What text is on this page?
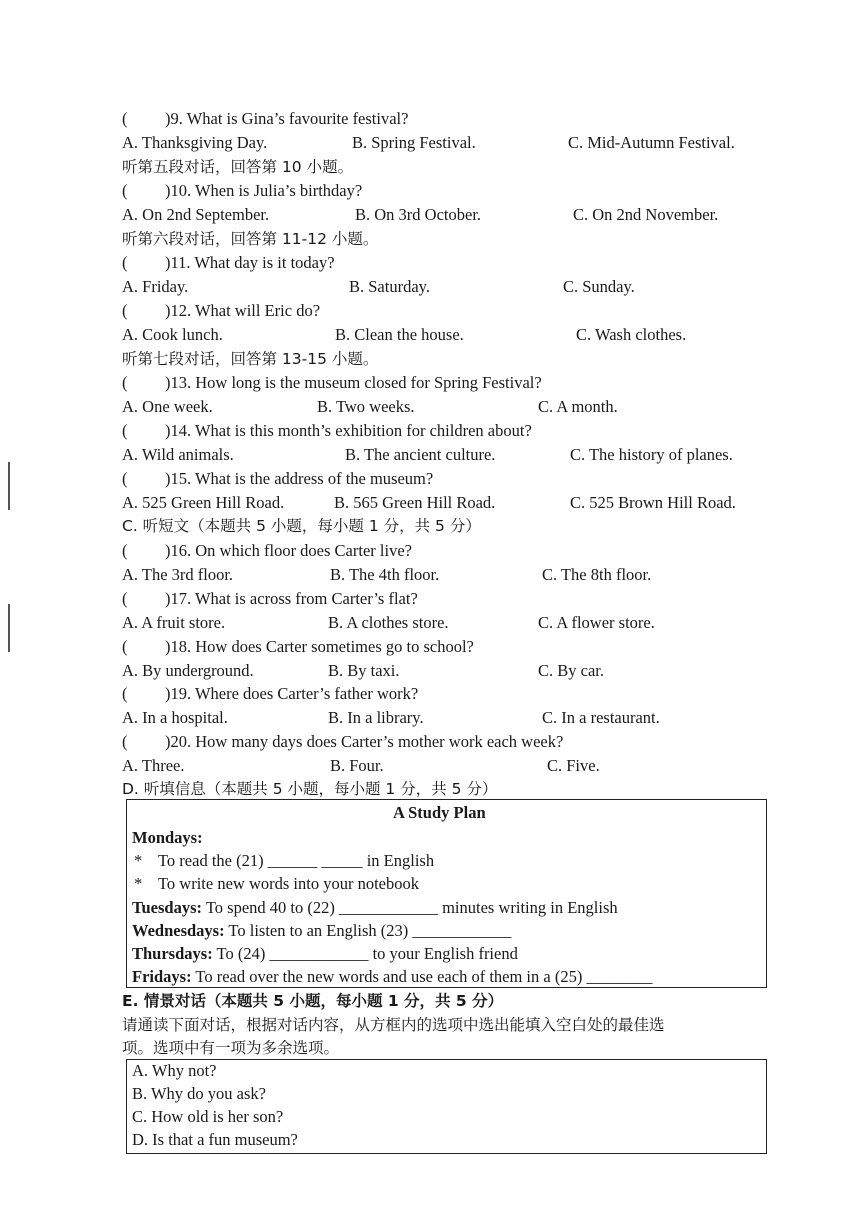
( )9. What is Gina’s favourite festival?
A. Thanksgiving Day.	B. Spring Festival.	C. Mid-Autumn Festival.
听第五段对话，回答第 10 小题。
( )10. When is Julia’s birthday?
A. On 2nd September.	B. On 3rd October.	C. On 2nd November.
听第六段对话，回答第 11-12 小题。
( )11. What day is it today?
A. Friday.	B. Saturday.	C. Sunday.
( )12. What will Eric do?
A. Cook lunch.	B. Clean the house.	C. Wash clothes.
听第七段对话，回答第 13-15 小题。
( )13. How long is the museum closed for Spring Festival?
A. One week.	B. Two weeks.	C. A month.
( )14. What is this month’s exhibition for children about?
A. Wild animals.	B. The ancient culture.	C. The history of planes.
( )15. What is the address of the museum?
A. 525 Green Hill Road.	B. 565 Green Hill Road.	C. 525 Brown Hill Road.
C. 听短文（本题共 5 小题，每小题 1 分，共 5 分）
( )16. On which floor does Carter live?
A. The 3rd floor.	B. The 4th floor.	C. The 8th floor.
( )17. What is across from Carter’s flat?
A. A fruit store.	B. A clothes store.	C. A flower store.
( )18. How does Carter sometimes go to school?
A. By underground.	B. By taxi.	C. By car.
( )19. Where does Carter’s father work?
A. In a hospital.	B. In a library.	C. In a restaurant.
( )20. How many days does Carter’s mother work each week?
A. Three.	B. Four.	C. Five.
D. 听填信息（本题共 5 小题，每小题 1 分，共 5 分）
A Study Plan
Mondays:
* To read the (21) ______ _____ in English
* To write new words into your notebook
Tuesdays: To spend 40 to (22) ____________ minutes writing in English
Wednesdays: To listen to an English (23) ____________
Thursdays: To (24) ____________ to your English friend
Fridays: To read over the new words and use each of them in a (25) ________
E. 情景对话（本题共 5 小题，每小题 1 分，共 5 分）
请通读下面对话，根据对话内容，从方框内的选项中选出能填入空白处的最佳选
项。选项中有一项为多余选项。
A. Why not?
B. Why do you ask?
C. How old is her son?
D. Is that a fun museum?
